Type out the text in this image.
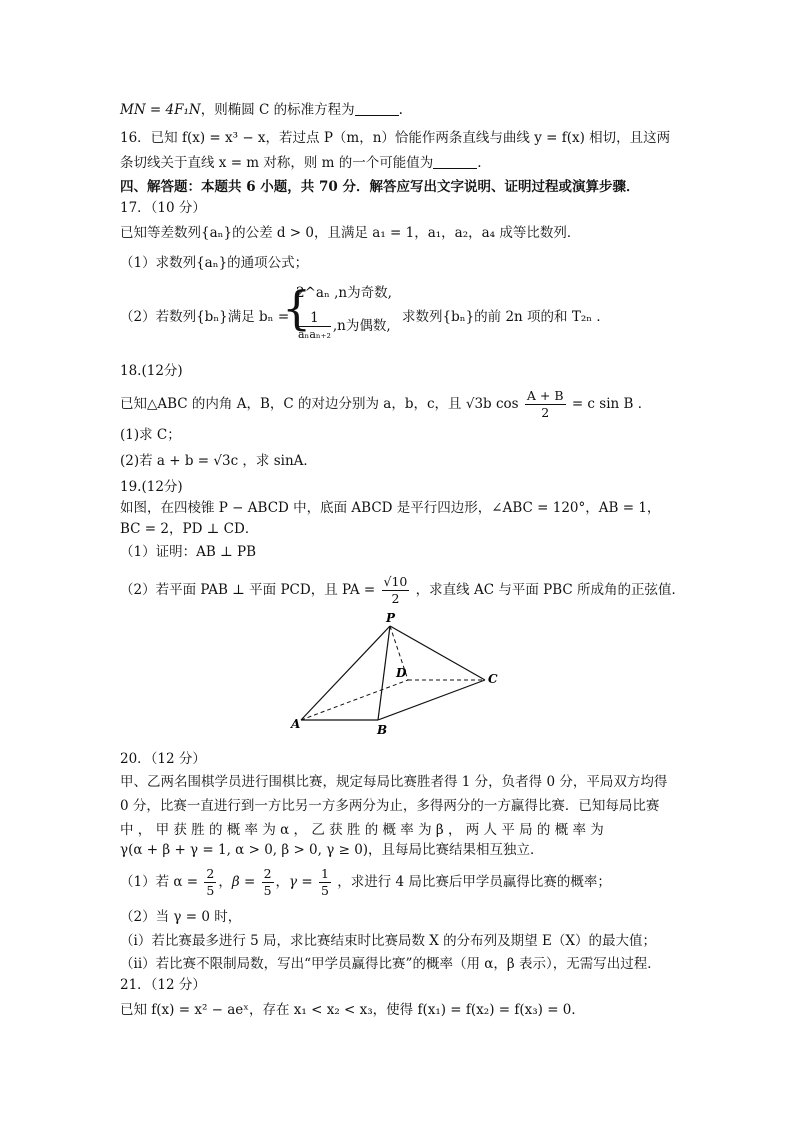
MN = 4F₁N，则椭圆 C 的标准方程为	.
16．已知 f(x) = x³ − x，若过点 P（m，n）恰能作两条直线与曲线 y = f(x) 相切，且这两
条切线关于直线 x = m 对称，则 m 的一个可能值为	.
四、解答题：本题共 6 小题，共 70 分．解答应写出文字说明、证明过程或演算步骤．
17．（10 分）
已知等差数列{aₙ}的公差 d > 0，且满足 a₁ = 1，a₁，a₂，a₄ 成等比数列．
（1）求数列{aₙ}的通项公式；
（2）若数列{bₙ}满足 bₙ =
{
2^aₙ ,n为奇数,
$\frac{1}{\text{aₙaₙ₊₂}} ,n$为偶数,
求数列{bₙ}的前 2n 项的和 T₂ₙ ．
18.(12分)
已知△ABC 的内角 A，B，C 的对边分别为 a，b，c，且 √3b $\cos \frac{A + B}{2} = c$ sin B ．
(1)求 C；
(2)若 a + b = √3c ，求 sinA．
19.(12分)
如图，在四棱锥 P − ABCD 中，底面 ABCD 是平行四边形，∠ABC = 120°，AB = 1，
BC = 2，PD ⊥ CD．
（1）证明：AB ⊥ PB
（2）若平面 PAB ⊥ 平面 PCD，且 PA = $\frac{√10}{2}$ ，求直线 AC 与平面 PBC 所成角的正弦值．
P
A	B
C
D
20．（12 分）
甲、乙两名围棋学员进行围棋比赛，规定每局比赛胜者得 1 分，负者得 0 分，平局双方均得
0 分，比赛一直进行到一方比另一方多两分为止，多得两分的一方赢得比赛．已知每局比赛
中 ， 甲 获 胜 的 概 率 为 α ， 乙 获 胜 的 概 率 为 β ， 两 人 平 局 的 概 率 为
γ(α + β + γ = 1, α > 0, β > 0, γ ≥ 0)，且每局比赛结果相互独立．
（1）若 $\alpha = \frac{2}{5}$ ，$\beta = \frac{2}{5}$ ，$\gamma = \frac{1}{5}$ ，求进行 4 局比赛后甲学员赢得比赛的概率；
（2）当 γ = 0 时，
（i）若比赛最多进行 5 局，求比赛结束时比赛局数 X 的分布列及期望 E（X）的最大值；
（ii）若比赛不限制局数，写出“甲学员赢得比赛”的概率（用 α，β 表示），无需写出过程．
21．（12 分）
已知 f(x) = x² − aeˣ，存在 x₁ < x₂ < x₃，使得 f(x₁) = f(x₂) = f(x₃) = 0．
